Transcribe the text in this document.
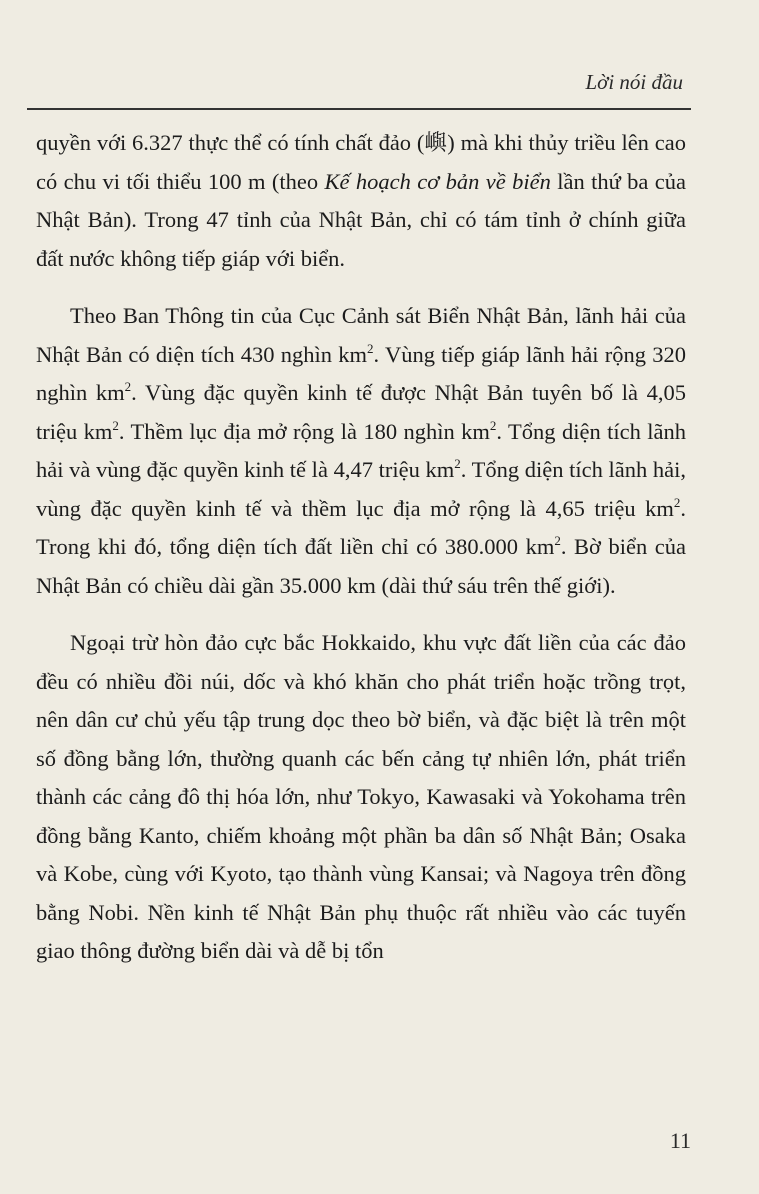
Lời nói đầu

quyền với 6.327 thực thể có tính chất đảo (嶼) mà khi thủy triều lên cao có chu vi tối thiểu 100 m (theo Kế hoạch cơ bản về biển lần thứ ba của Nhật Bản). Trong 47 tỉnh của Nhật Bản, chỉ có tám tỉnh ở chính giữa đất nước không tiếp giáp với biển.

Theo Ban Thông tin của Cục Cảnh sát Biển Nhật Bản, lãnh hải của Nhật Bản có diện tích 430 nghìn $km^2$. Vùng tiếp giáp lãnh hải rộng 320 nghìn $km^2$. Vùng đặc quyền kinh tế được Nhật Bản tuyên bố là 4,05 triệu $km^2$. Thềm lục địa mở rộng là 180 nghìn $km^2$. Tổng diện tích lãnh hải và vùng đặc quyền kinh tế là 4,47 triệu $km^2$. Tổng diện tích lãnh hải, vùng đặc quyền kinh tế và thềm lục địa mở rộng là 4,65 triệu $km^2$. Trong khi đó, tổng diện tích đất liền chỉ có 380.000 $km^2$. Bờ biển của Nhật Bản có chiều dài gần 35.000 km (dài thứ sáu trên thế giới).

Ngoại trừ hòn đảo cực bắc Hokkaido, khu vực đất liền của các đảo đều có nhiều đồi núi, dốc và khó khăn cho phát triển hoặc trồng trọt, nên dân cư chủ yếu tập trung dọc theo bờ biển, và đặc biệt là trên một số đồng bằng lớn, thường quanh các bến cảng tự nhiên lớn, phát triển thành các cảng đô thị hóa lớn, như Tokyo, Kawasaki và Yokohama trên đồng bằng Kanto, chiếm khoảng một phần ba dân số Nhật Bản; Osaka và Kobe, cùng với Kyoto, tạo thành vùng Kansai; và Nagoya trên đồng bằng Nobi. Nền kinh tế Nhật Bản phụ thuộc rất nhiều vào các tuyến giao thông đường biển dài và dễ bị tổn

11
